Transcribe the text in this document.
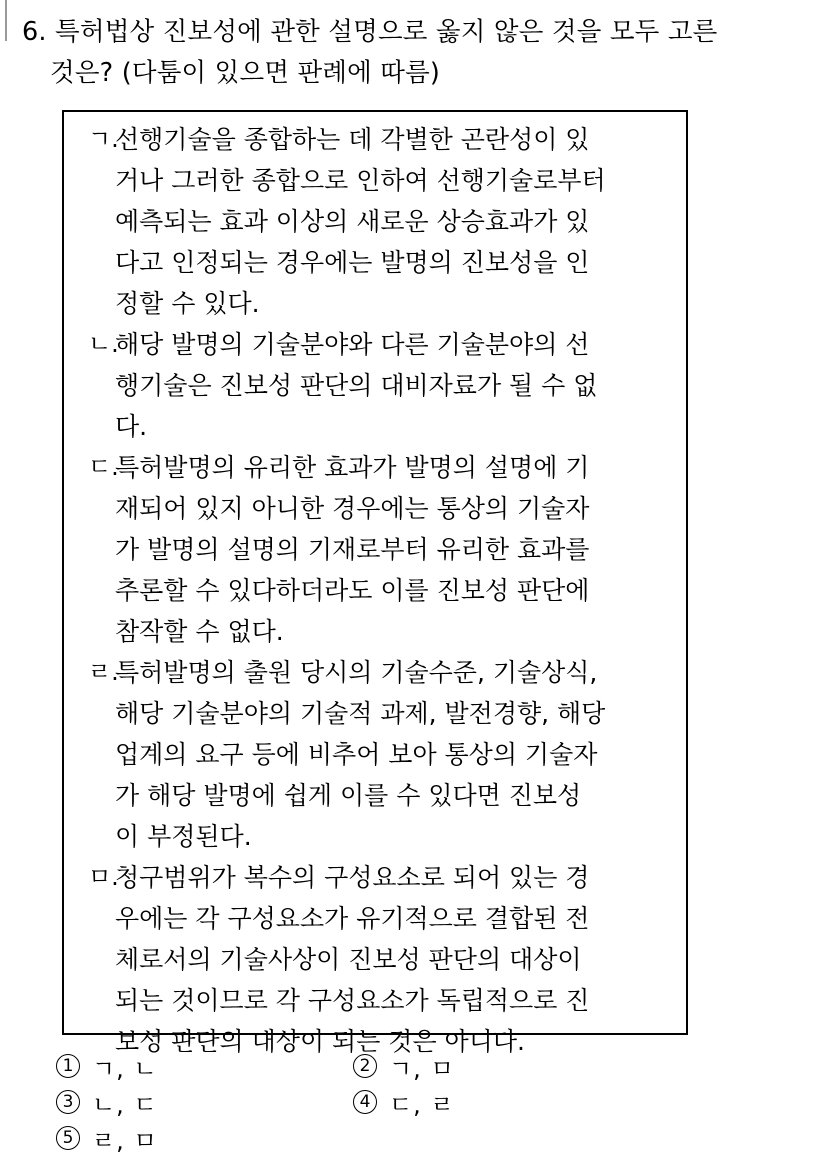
6. 특허법상 진보성에 관한 설명으로 옳지 않은 것을 모두 고른
것은? (다툼이 있으면 판례에 따름)
ㄱ.
선행기술을 종합하는 데 각별한 곤란성이 있
거나 그러한 종합으로 인하여 선행기술로부터
예측되는 효과 이상의 새로운 상승효과가 있
다고 인정되는 경우에는 발명의 진보성을 인
정할 수 있다.
ㄴ.
해당 발명의 기술분야와 다른 기술분야의 선
행기술은 진보성 판단의 대비자료가 될 수 없
다.
ㄷ.
특허발명의 유리한 효과가 발명의 설명에 기
재되어 있지 아니한 경우에는 통상의 기술자
가 발명의 설명의 기재로부터 유리한 효과를
추론할 수 있다하더라도 이를 진보성 판단에
참작할 수 없다.
ㄹ.
특허발명의 출원 당시의 기술수준, 기술상식,
해당 기술분야의 기술적 과제, 발전경향, 해당
업계의 요구 등에 비추어 보아 통상의 기술자
가 해당 발명에 쉽게 이를 수 있다면 진보성
이 부정된다.
ㅁ.
청구범위가 복수의 구성요소로 되어 있는 경
우에는 각 구성요소가 유기적으로 결합된 전
체로서의 기술사상이 진보성 판단의 대상이
되는 것이므로 각 구성요소가 독립적으로 진
보성 판단의 대상이 되는 것은 아니다.
1 ㄱ, ㄴ	2 ㄱ, ㅁ
3 ㄴ, ㄷ	4 ㄷ, ㄹ
5 ㄹ, ㅁ
